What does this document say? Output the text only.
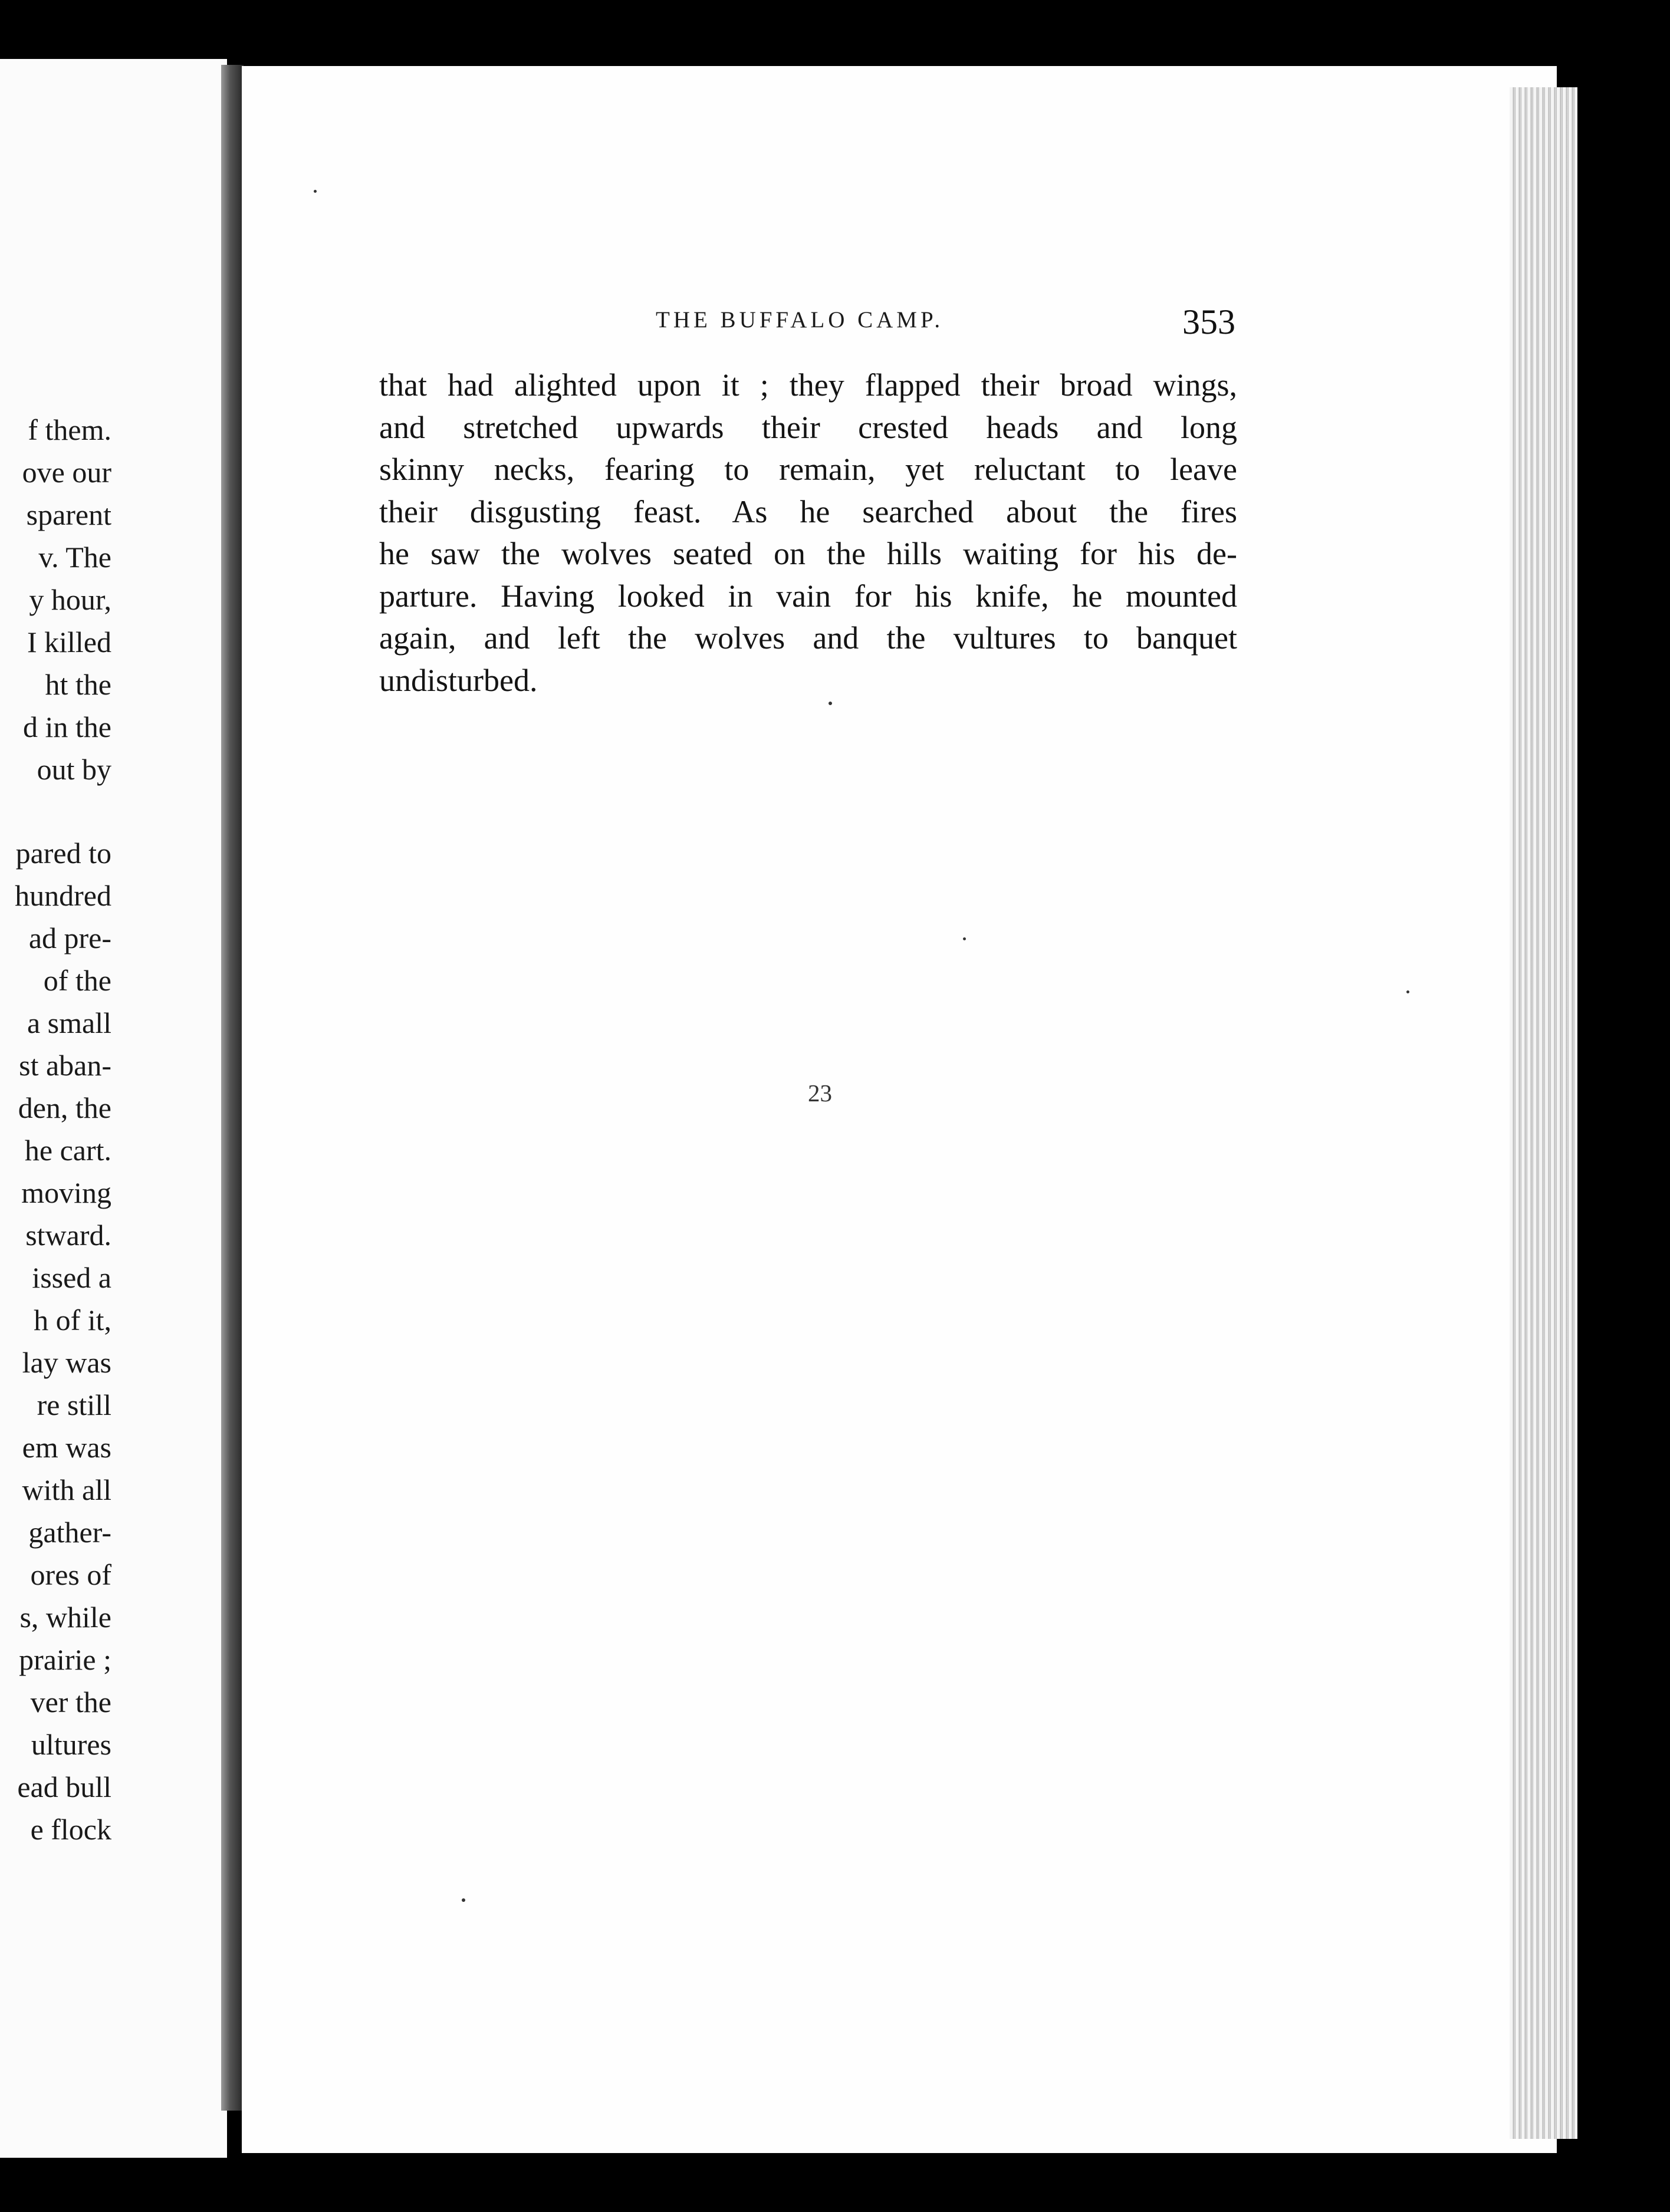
f them.
ove our
sparent
v. The
y hour,
I killed
ht the
d in the
out by
pared to
hundred
ad pre-
of the
a small
st aban-
den, the
he cart.
moving
stward.
issed a
h of it,
lay was
re still
em was
with all
gather-
ores of
s, while
prairie ;
ver the
ultures
ead bull
e flock
THE BUFFALO CAMP.	353

that had alighted upon it ; they flapped their broad wings,
and stretched upwards their crested heads and long
skinny necks, fearing to remain, yet reluctant to leave
their disgusting feast. As he searched about the fires
he saw the wolves seated on the hills waiting for his de-
parture. Having looked in vain for his knife, he mounted
again, and left the wolves and the vultures to banquet
undisturbed.

23
